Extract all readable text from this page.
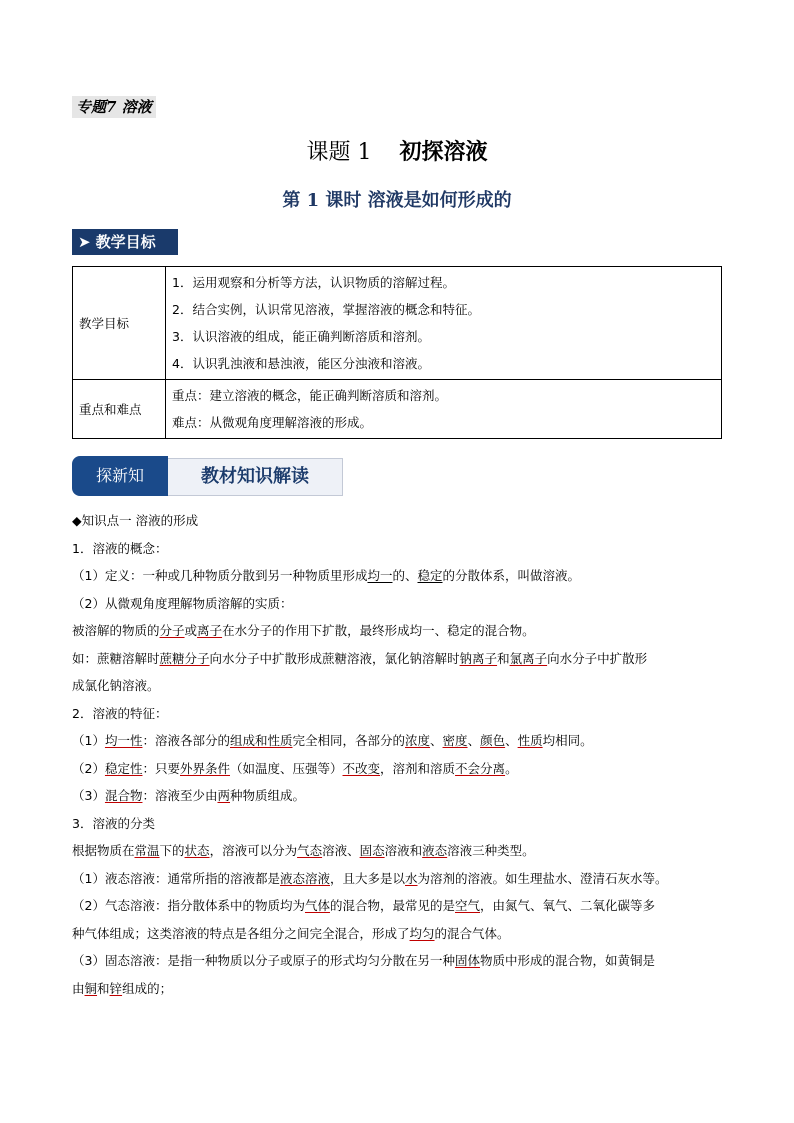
专题7 溶液
课题 1 初探溶液
第 1 课时 溶液是如何形成的
➤ 教学目标
教学目标	1．运用观察和分析等方法，认识物质的溶解过程。
2．结合实例，认识常见溶液，掌握溶液的概念和特征。
3．认识溶液的组成，能正确判断溶质和溶剂。
4．认识乳浊液和悬浊液，能区分浊液和溶液。

重点和难点	重点：建立溶液的概念，能正确判断溶质和溶剂。
难点：从微观角度理解溶液的形成。
探新知	教材知识解读
◆知识点一 溶液的形成
1．溶液的概念：
（1）定义：一种或几种物质分散到另一种物质里形成均一的、稳定的分散体系，叫做溶液。
（2）从微观角度理解物质溶解的实质：
被溶解的物质的分子或离子在水分子的作用下扩散，最终形成均一、稳定的混合物。
如：蔗糖溶解时蔗糖分子向水分子中扩散形成蔗糖溶液，氯化钠溶解时钠离子和氯离子向水分子中扩散形
成氯化钠溶液。
2．溶液的特征：
（1）均一性：溶液各部分的组成和性质完全相同，各部分的浓度、密度、颜色、性质均相同。
（2）稳定性：只要外界条件（如温度、压强等）不改变，溶剂和溶质不会分离。
（3）混合物：溶液至少由两种物质组成。
3．溶液的分类
根据物质在常温下的状态，溶液可以分为气态溶液、固态溶液和液态溶液三种类型。
（1）液态溶液：通常所指的溶液都是液态溶液，且大多是以水为溶剂的溶液。如生理盐水、澄清石灰水等。
（2）气态溶液：指分散体系中的物质均为气体的混合物，最常见的是空气，由氮气、氧气、二氧化碳等多
种气体组成；这类溶液的特点是各组分之间完全混合，形成了均匀的混合气体。
（3）固态溶液：是指一种物质以分子或原子的形式均匀分散在另一种固体物质中形成的混合物，如黄铜是
由铜和锌组成的；
